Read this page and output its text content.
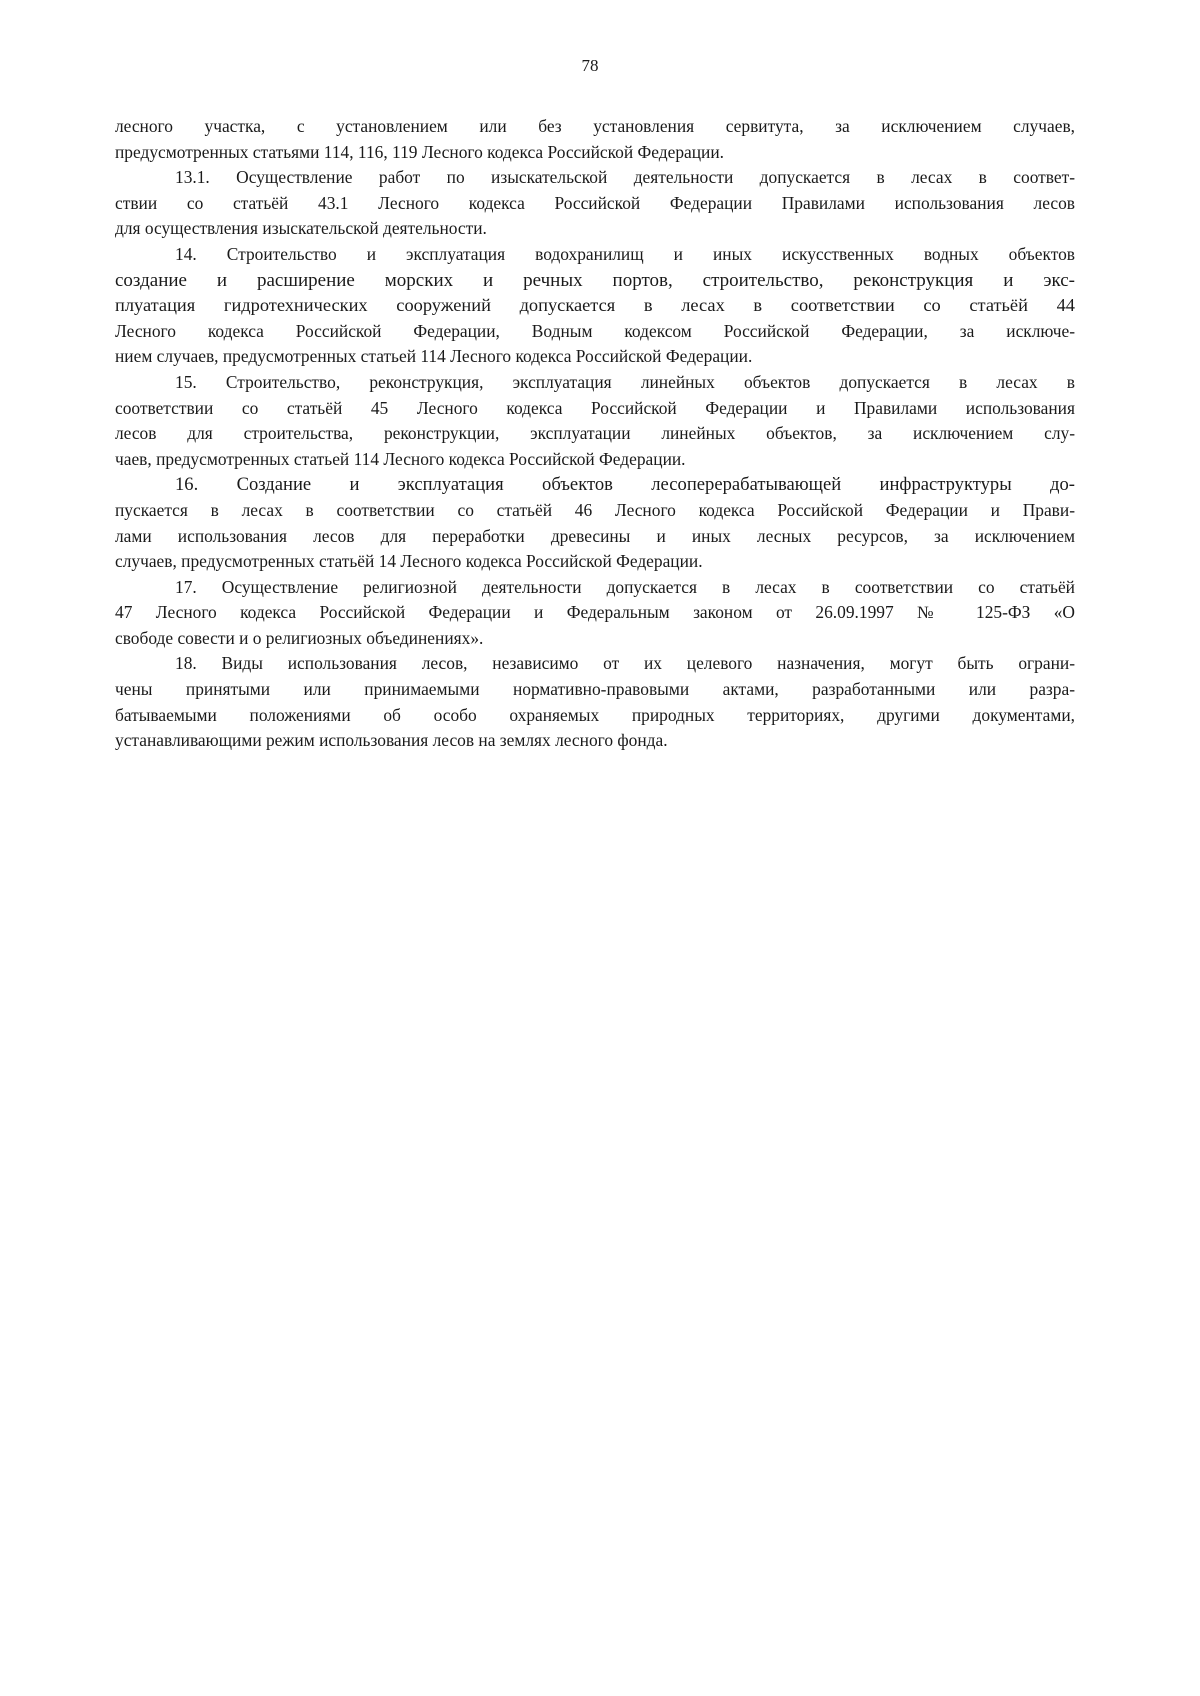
78

лесного участка, с установлением или без установления сервитута, за исключением случаев,
предусмотренных статьями 114, 116, 119 Лесного кодекса Российской Федерации.

13.1. Осуществление работ по изыскательской деятельности допускается в лесах в соответ-
ствии со статьёй 43.1 Лесного кодекса Российской Федерации Правилами использования лесов
для осуществления изыскательской деятельности.

14. Строительство и эксплуатация водохранилищ и иных искусственных водных объектов
создание и расширение морских и речных портов, строительство, реконструкция и экс-
плуатация гидротехнических сооружений допускается в лесах в соответствии со статьёй 44
Лесного кодекса Российской Федерации, Водным кодексом Российской Федерации, за исключе-
нием случаев, предусмотренных статьей 114 Лесного кодекса Российской Федерации.

15. Строительство, реконструкция, эксплуатация линейных объектов допускается в лесах в
соответствии со статьёй 45 Лесного кодекса Российской Федерации и Правилами использования
лесов для строительства, реконструкции, эксплуатации линейных объектов, за исключением слу-
чаев, предусмотренных статьей 114 Лесного кодекса Российской Федерации.

16. Создание и эксплуатация объектов лесоперерабатывающей инфраструктуры до-
пускается в лесах в соответствии со статьёй 46 Лесного кодекса Российской Федерации и Прави-
лами использования лесов для переработки древесины и иных лесных ресурсов, за исключением
случаев, предусмотренных статьёй 14 Лесного кодекса Российской Федерации.

17. Осуществление религиозной деятельности допускается в лесах в соответствии со статьёй
47 Лесного кодекса Российской Федерации и Федеральным законом от 26.09.1997 № 125-ФЗ «О
свободе совести и о религиозных объединениях».

18. Виды использования лесов, независимо от их целевого назначения, могут быть ограни-
чены принятыми или принимаемыми нормативно-правовыми актами, разработанными или разра-
батываемыми положениями об особо охраняемых природных территориях, другими документами,
устанавливающими режим использования лесов на землях лесного фонда.
